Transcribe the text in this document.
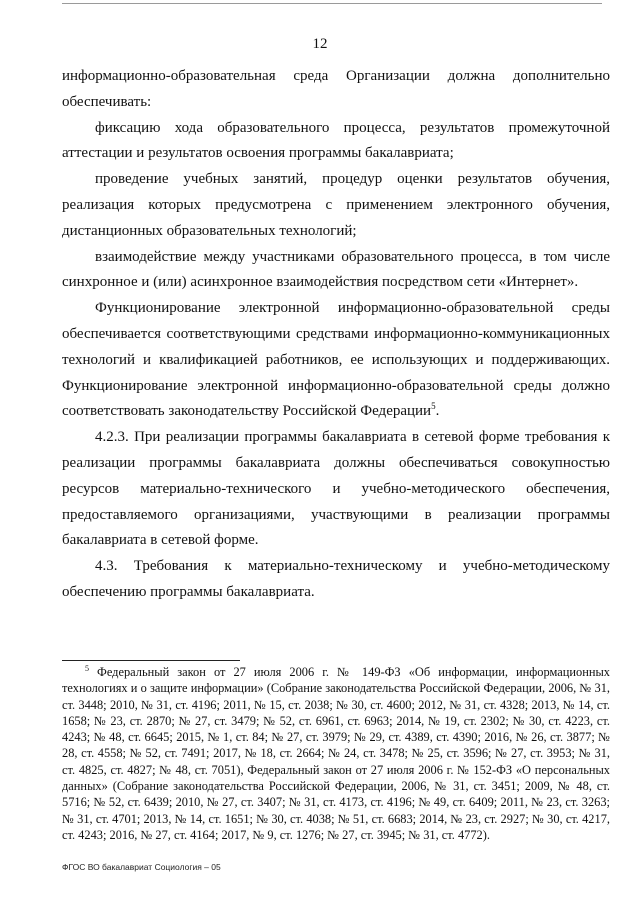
12

информационно-образовательная среда Организации должна дополнительно обеспечивать:

фиксацию хода образовательного процесса, результатов промежуточной аттестации и результатов освоения программы бакалавриата;

проведение учебных занятий, процедур оценки результатов обучения, реализация которых предусмотрена с применением электронного обучения, дистанционных образовательных технологий;

взаимодействие между участниками образовательного процесса, в том числе синхронное и (или) асинхронное взаимодействия посредством сети «Интернет».

Функционирование электронной информационно-образовательной среды обеспечивается соответствующими средствами информационно-коммуникационных технологий и квалификацией работников, ее использующих и поддерживающих. Функционирование электронной информационно-образовательной среды должно соответствовать законодательству Российской Федерации$^5$.

4.2.3. При реализации программы бакалавриата в сетевой форме требования к реализации программы бакалавриата должны обеспечиваться совокупностью ресурсов материально-технического и учебно-методического обеспечения, предоставляемого организациями, участвующими в реализации программы бакалавриата в сетевой форме.

4.3. Требования к материально-техническому и учебно-методическому обеспечению программы бакалавриата.

$^5$ Федеральный закон от 27 июля 2006 г. № 149-ФЗ «Об информации, информационных технологиях и о защите информации» (Собрание законодательства Российской Федерации, 2006, № 31, ст. 3448; 2010, № 31, ст. 4196; 2011, № 15, ст. 2038; № 30, ст. 4600; 2012, № 31, ст. 4328; 2013, № 14, ст. 1658; № 23, ст. 2870; № 27, ст. 3479; № 52, ст. 6961, ст. 6963; 2014, № 19, ст. 2302; № 30, ст. 4223, ст. 4243; № 48, ст. 6645; 2015, № 1, ст. 84; № 27, ст. 3979; № 29, ст. 4389, ст. 4390; 2016, № 26, ст. 3877; № 28, ст. 4558; № 52, ст. 7491; 2017, № 18, ст. 2664; № 24, ст. 3478; № 25, ст. 3596; № 27, ст. 3953; № 31, ст. 4825, ст. 4827; № 48, ст. 7051), Федеральный закон от 27 июля 2006 г. № 152-ФЗ «О персональных данных» (Собрание законодательства Российской Федерации, 2006, № 31, ст. 3451; 2009, № 48, ст. 5716; № 52, ст. 6439; 2010, № 27, ст. 3407; № 31, ст. 4173, ст. 4196; № 49, ст. 6409; 2011, № 23, ст. 3263; № 31, ст. 4701; 2013, № 14, ст. 1651; № 30, ст. 4038; № 51, ст. 6683; 2014, № 23, ст. 2927; № 30, ст. 4217, ст. 4243; 2016, № 27, ст. 4164; 2017, № 9, ст. 1276; № 27, ст. 3945; № 31, ст. 4772).

ФГОС ВО бакалавриат Социология – 05
